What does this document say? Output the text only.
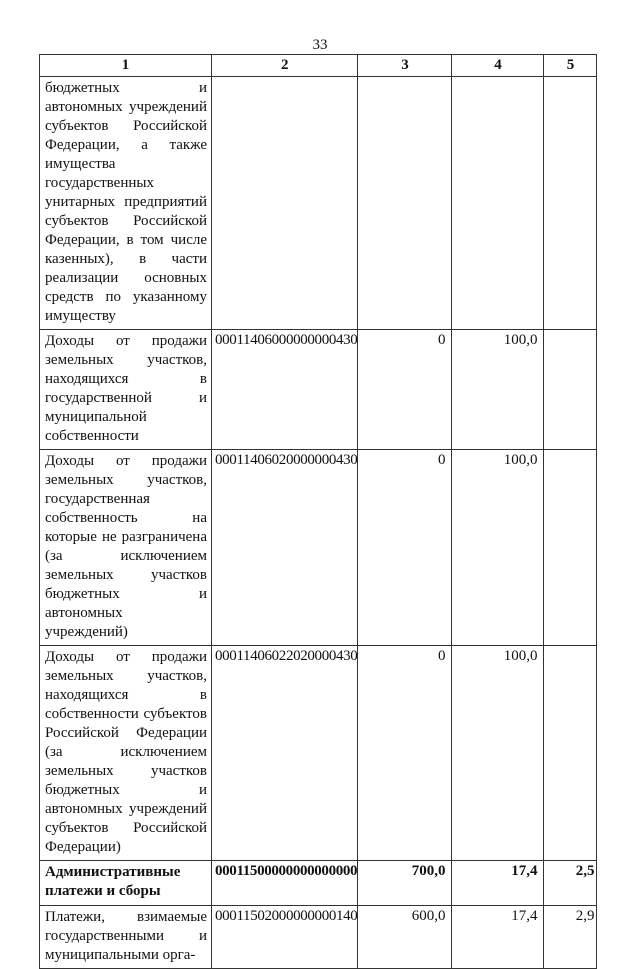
33
1	2	3	4	5
бюджетных и автономных учреждений субъектов Российской Федерации, а также имущества государственных унитарных предприятий субъектов Российской Федерации, в том числе казенных), в части реализации основных средств по указанному имуществу				
Доходы от продажи земельных участков, находящихся в государственной и муниципальной собственности	00011406000000000430	0	100,0	
Доходы от продажи земельных участков, государственная собственность на которые не разграничена (за исключением земельных участков бюджетных и автономных учреждений)	00011406020000000430	0	100,0	
Доходы от продажи земельных участков, находящихся в собственности субъектов Российской Федерации (за исключением земельных участков бюджетных и автономных учреждений субъектов Российской Федерации)	00011406022020000430	0	100,0	
Административные платежи и сборы	00011500000000000000	700,0	17,4	2,5
Платежи, взимаемые государственными и муниципальными орга-	00011502000000000140	600,0	17,4	2,9
